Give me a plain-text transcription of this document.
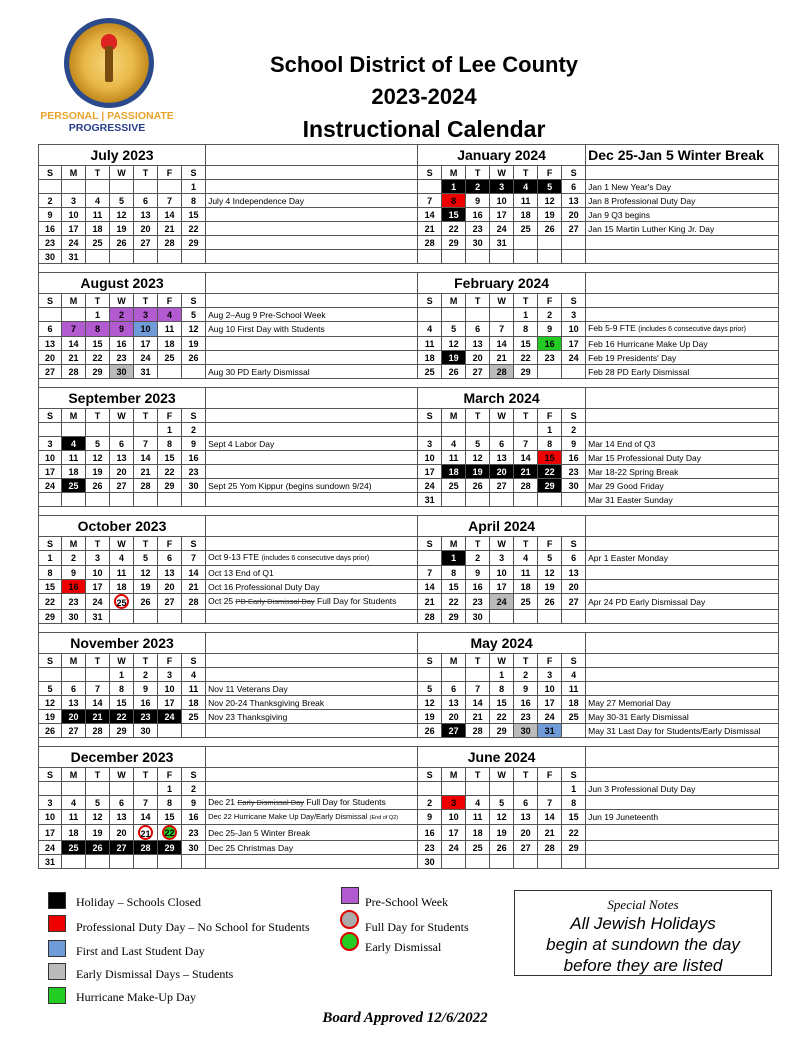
PERSONAL | PASSIONATE
PROGRESSIVE
School District of Lee County
2023-2024
Instructional Calendar
July 2023								January 2024							Dec 25-Jan 5 Winter Break
S	M	T	W	T	F	S		S	M	T	W	T	F	S	
						1			1	2	3	4	5	6	Jan 1 New Year's Day
2	3	4	5	6	7	8	July 4 Independence Day	7	8	9	10	11	12	13	Jan 8 Professional Duty Day
9	10	11	12	13	14	15		14	15	16	17	18	19	20	Jan 9 Q3 begins
16	17	18	19	20	21	22		21	22	23	24	25	26	27	Jan 15 Martin Luther King Jr. Day
23	24	25	26	27	28	29		28	29	30	31				
30	31														

August 2023								February 2024							
S	M	T	W	T	F	S		S	M	T	W	T	F	S	
		1	2	3	4	5	Aug 2–Aug 9 Pre-School Week					1	2	3	
6	7	8	9	10	11	12	Aug 10 First Day with Students	4	5	6	7	8	9	10	Feb 5-9 FTE (includes 6 consecutive days prior)
13	14	15	16	17	18	19		11	12	13	14	15	16	17	Feb 16 Hurricane Make Up Day
20	21	22	23	24	25	26		18	19	20	21	22	23	24	Feb 19 Presidents' Day
27	28	29	30	31			Aug 30 PD Early Dismissal	25	26	27	28	29			Feb 28 PD Early Dismissal

September 2023								March 2024							
S	M	T	W	T	F	S		S	M	T	W	T	F	S	
					1	2							1	2	
3	4	5	6	7	8	9	Sept 4 Labor Day	3	4	5	6	7	8	9	Mar 14 End of Q3
10	11	12	13	14	15	16		10	11	12	13	14	15	16	Mar 15 Professional Duty Day
17	18	19	20	21	22	23		17	18	19	20	21	22	23	Mar 18-22 Spring Break
24	25	26	27	28	29	30	Sept 25 Yom Kippur (begins sundown 9/24)	24	25	26	27	28	29	30	Mar 29 Good Friday
								31							Mar 31 Easter Sunday

October 2023								April 2024							
S	M	T	W	T	F	S		S	M	T	W	T	F	S	
1	2	3	4	5	6	7	Oct 9-13 FTE (includes 6 consecutive days prior)		1	2	3	4	5	6	Apr 1 Easter Monday
8	9	10	11	12	13	14	Oct 13 End of Q1	7	8	9	10	11	12	13	
15	16	17	18	19	20	21	Oct 16 Professional Duty Day	14	15	16	17	18	19	20	
22	23	24	25	26	27	28	Oct 25 PD Early Dismissal Day Full Day for Students	21	22	23	24	25	26	27	Apr 24 PD Early Dismissal Day
29	30	31						28	29	30					

November 2023								May 2024							
S	M	T	W	T	F	S		S	M	T	W	T	F	S	
			1	2	3	4					1	2	3	4	
5	6	7	8	9	10	11	Nov 11 Veterans Day	5	6	7	8	9	10	11	
12	13	14	15	16	17	18	Nov 20-24 Thanksgiving Break	12	13	14	15	16	17	18	May 27 Memorial Day
19	20	21	22	23	24	25	Nov 23 Thanksgiving	19	20	21	22	23	24	25	May 30-31 Early Dismissal
26	27	28	29	30				26	27	28	29	30	31		May 31 Last Day for Students/Early Dismissal

December 2023								June 2024							
S	M	T	W	T	F	S		S	M	T	W	T	F	S	
					1	2								1	Jun 3 Professional Duty Day
3	4	5	6	7	8	9	Dec 21 Early Dismissal Day Full Day for Students	2	3	4	5	6	7	8	
10	11	12	13	14	15	16	Dec 22 Hurricane Make Up Day/Early Dismissal (End of Q2)	9	10	11	12	13	14	15	Jun 19 Juneteenth
17	18	19	20	21	22	23	Dec 25-Jan 5 Winter Break	16	17	18	19	20	21	22	
24	25	26	27	28	29	30	Dec 25 Christmas Day	23	24	25	26	27	28	29	
31								30							
Holiday – Schools Closed
Professional Duty Day – No School for Students
First and Last Student Day
Early Dismissal Days – Students
Hurricane Make-Up Day
Pre-School Week
Full Day for Students
Early Dismissal
Special Notes
All Jewish Holidays
begin at sundown the day
before they are listed
Board Approved 12/6/2022
